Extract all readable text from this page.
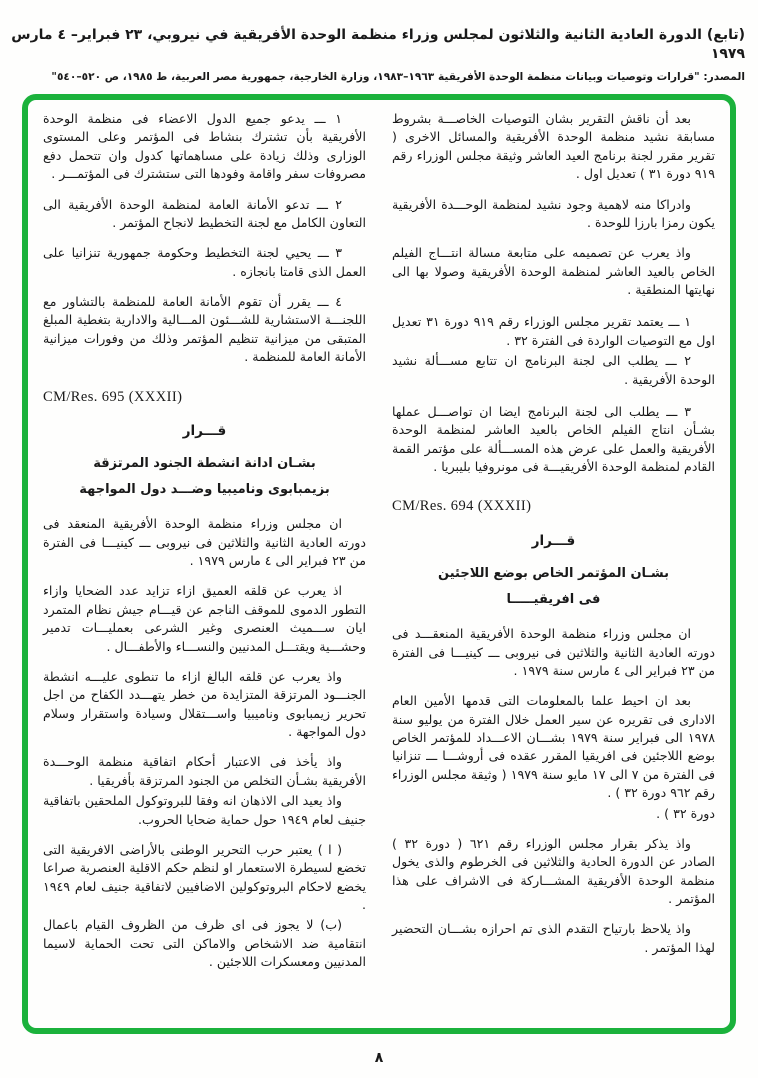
(تابع) الدورة العادية الثانية والثلاثون لمجلس وزراء منظمة الوحدة الأفريقية في نيروبي، ٢٣ فبراير– ٤ مارس ١٩٧٩
المصدر: "قرارات وتوصيات وبيانات منظمة الوحدة الأفريقية ١٩٦٣–١٩٨٣، وزارة الخارجية، جمهورية مصر العربية، ط ١٩٨٥، ص ٥٢٠–٥٤٠"

بعد أن ناقش التقرير بشان التوصيات الخاصـــة بشروط مسابقة نشيد منظمة الوحدة الأفريقية والمسائل الاخرى ( تقرير مقرر لجنة برنامج العيد العاشر وثيقة مجلس الوزراء رقم ٩١٩ دورة ٣١ ) تعديل اول .

وادراكا منه لاهمية وجود نشيد لمنظمة الوحـــدة الأفريقية يكون رمزا بارزا للوحدة .

واذ يعرب عن تصميمه على متابعة مسالة انتـــاج الفيلم الخاص بالعيد العاشر لمنظمة الوحدة الأفريقية وصولا بها الى نهايتها المنطقية .

١ ـــ يعتمد تقرير مجلس الوزراء رقم ٩١٩ دورة ٣١ تعديل اول مع التوصيات الواردة فى الفترة ٣٢ .

٢ ـــ يطلب الى لجنة البرنامج ان تتابع مســـألة نشيد الوحدة الأفريقية .

٣ ـــ يطلب الى لجنة البرنامج ايضا ان تواصـــل عملها بشـأن انتاج الفيلم الخاص بالعيد العاشر لمنظمة الوحدة الأفريقية والعمل على عرض هذه المســـألة على مؤتمر القمة القادم لمنظمة الوحدة الأفريقيـــة فى مونروفيا بليبريا .

CM/Res. 694 (XXXII)

قـــرار

بشـان المؤتمر الخاص بوضع اللاجئين

فى افريقيـــــا

ان مجلس وزراء منظمة الوحدة الأفريقية المنعقـــد فى دورته العادية الثانية والثلاثين فى نيروبى ـــ كينيـــا فى الفترة من ٢٣ فبراير الى ٤ مارس سنة ١٩٧٩ .

بعد ان احيط علما بالمعلومات التى قدمها الأمين العام الادارى فى تقريره عن سير العمل خلال الفترة من يوليو سنة ١٩٧٨ الى فبراير سنة ١٩٧٩ بشـــان الاعـــداد للمؤتمر الخاص بوضع اللاجئين فى افريقيا المقرر عقده فى أروشـــا ـــ تنزانيا فى الفترة من ٧ الى ١٧ مايو سنة ١٩٧٩ ( وثيقة مجلس الوزراء رقم ٩٦٢ دورة ٣٢ ) .

دورة ٣٢ ) .

واذ يذكر بقرار مجلس الوزراء رقم ٦٢١ ( دورة ٣٢ ) الصادر عن الدورة الحادية والثلاثين فى الخرطوم والذى يخول منظمة الوحدة الأفريقية المشـــاركة فى الاشراف على هذا المؤتمر .

واذ يلاحظ بارتياح التقدم الذى تم احرازه بشـــان التحضير لهذا المؤتمر .

١ ـــ يدعو جميع الدول الاعضاء فى منظمة الوحدة الأفريقية بأن تشترك بنشاط فى المؤتمر وعلى المستوى الوزارى وذلك زيادة على مساهماتها كدول وان تتحمل دفع مصروفات سفر واقامة وفودها التى ستشترك فى المؤتمـــر .

٢ ـــ تدعو الأمانة العامة لمنظمة الوحدة الأفريقية الى التعاون الكامل مع لجنة التخطيط لانجاح المؤتمر .

٣ ـــ يحيي لجنة التخطيط وحكومة جمهورية تنزانيا على العمل الذى قامتا بانجازه .

٤ ـــ يقرر أن تقوم الأمانة العامة للمنظمة بالتشاور مع اللجنـــة الاستشارية للشـــئون المـــالية والادارية بتغطية المبلغ المتبقى من ميزانية تنظيم المؤتمر وذلك من وفورات ميزانية الأمانة العامة للمنظمة .

CM/Res. 695 (XXXII)

قـــرار

بشـان ادانة انشطة الجنود المرتزقة

بزيمبابوى وناميبيا وضـــد دول المواجهة

ان مجلس وزراء منظمة الوحدة الأفريقية المنعقد فى دورته العادية الثانية والثلاثين فى نيروبى ـــ كينيـــا فى الفترة من ٢٣ فبراير الى ٤ مارس ١٩٧٩ .

اذ يعرب عن قلقه العميق ازاء تزايد عدد الضحايا وازاء التطور الدموى للموقف الناجم عن قيـــام جيش نظام المتمرد ايان ســـميث العنصرى وغير الشرعى بعمليـــات تدمير وحشـــية ويقتـــل المدنيين والنســـاء والأطفـــال .

واذ يعرب عن قلقه البالغ ازاء ما تنطوى عليـــه انشطة الجنـــود المرتزقة المتزايدة من خطر يتهـــدد الكفاح من اجل تحرير زيمبابوى وناميبيا واســـتقلال وسيادة واستقرار وسلام دول المواجهة .

واذ يأخذ فى الاعتبار أحكام اتفاقية منظمة الوحـــدة الأفريقية بشـأن التخلص من الجنود المرتزقة بأفريقيا .

واذ يعيد الى الاذهان انه وفقا للبروتوكول الملحقين باتفاقية جنيف لعام ١٩٤٩ حول حماية ضحايا الحروب.

( ا ) يعتبر حرب التحرير الوطنى بالأراضى الافريقية التى تخضع لسيطرة الاستعمار او لنظم حكم الاقلية العنصرية صراعا يخضع لاحكام البروتوكولين الاضافيين لاتفاقية جنيف لعام ١٩٤٩ .

(ب) لا يجوز فى اى ظرف من الظروف القيام باعمال انتقامية ضد الاشخاص والاماكن التى تحت الحماية لاسيما المدنيين ومعسكرات اللاجئين .

٨
